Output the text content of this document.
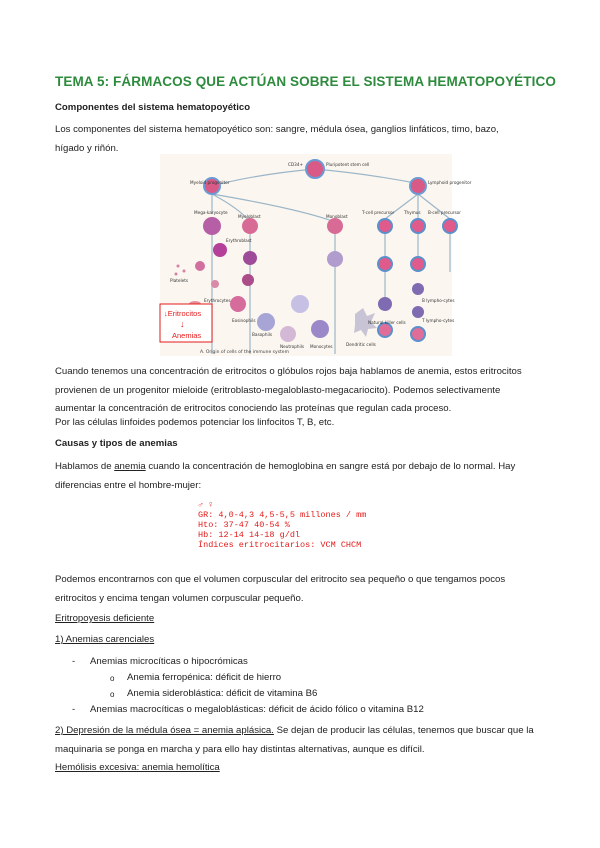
TEMA 5: FÁRMACOS QUE ACTÚAN SOBRE EL SISTEMA HEMATOPOYÉTICO
Componentes del sistema hematopoyético
Los componentes del sistema hematopoyético son: sangre, médula ósea, ganglios linfáticos, timo, bazo,
hígado y riñón.
CD34+	Pluripotent stem cell
Myeloid progenitor	Lymphoid progenitor
Mega-karyocyte
Erythroblast
Myeloblast	Monoblast
T-cell precursor Thymus B-cell precursor
Platelets
Erythrocytes
Eosinophils
Basophils
Neutrophils Monocytes	Dendritic cells
Natural killer cells	T lympho-cytes
B lympho-cytes
A. Origin of cells of the immune system
↓Eritrocitos
↓
Anemias
Cuando tenemos una concentración de eritrocitos o glóbulos rojos baja hablamos de anemia, estos eritrocitos
provienen de un progenitor mieloide (eritroblasto-megaloblasto-megacariocito). Podemos selectivamente
aumentar la concentración de eritrocitos conociendo las proteínas que regulan cada proceso.
Por las células linfoides podemos potenciar los linfocitos T, B, etc.
Causas y tipos de anemias
Hablamos de anemia cuando la concentración de hemoglobina en sangre está por debajo de lo normal. Hay
diferencias entre el hombre-mujer:
♂ ♀
GR: 4,0-4,3 4,5-5,5 millones / mm
Hto: 37-47 40-54 %
Hb: 12-14 14-18 g/dl
Índices eritrocitarios: VCM CHCM
Podemos encontrarnos con que el volumen corpuscular del eritrocito sea pequeño o que tengamos pocos
eritrocitos y encima tengan volumen corpuscular pequeño.
Eritropoyesis deficiente
1) Anemias carenciales
- Anemias microcíticas o hipocrómicas
o Anemia ferropénica: déficit de hierro
o Anemia sideroblástica: déficit de vitamina B6
- Anemias macrocíticas o megaloblásticas: déficit de ácido fólico o vitamina B12
2) Depresión de la médula ósea = anemia aplásica. Se dejan de producir las células, tenemos que buscar que la
maquinaria se ponga en marcha y para ello hay distintas alternativas, aunque es difícil.
Hemólisis excesiva: anemia hemolítica
